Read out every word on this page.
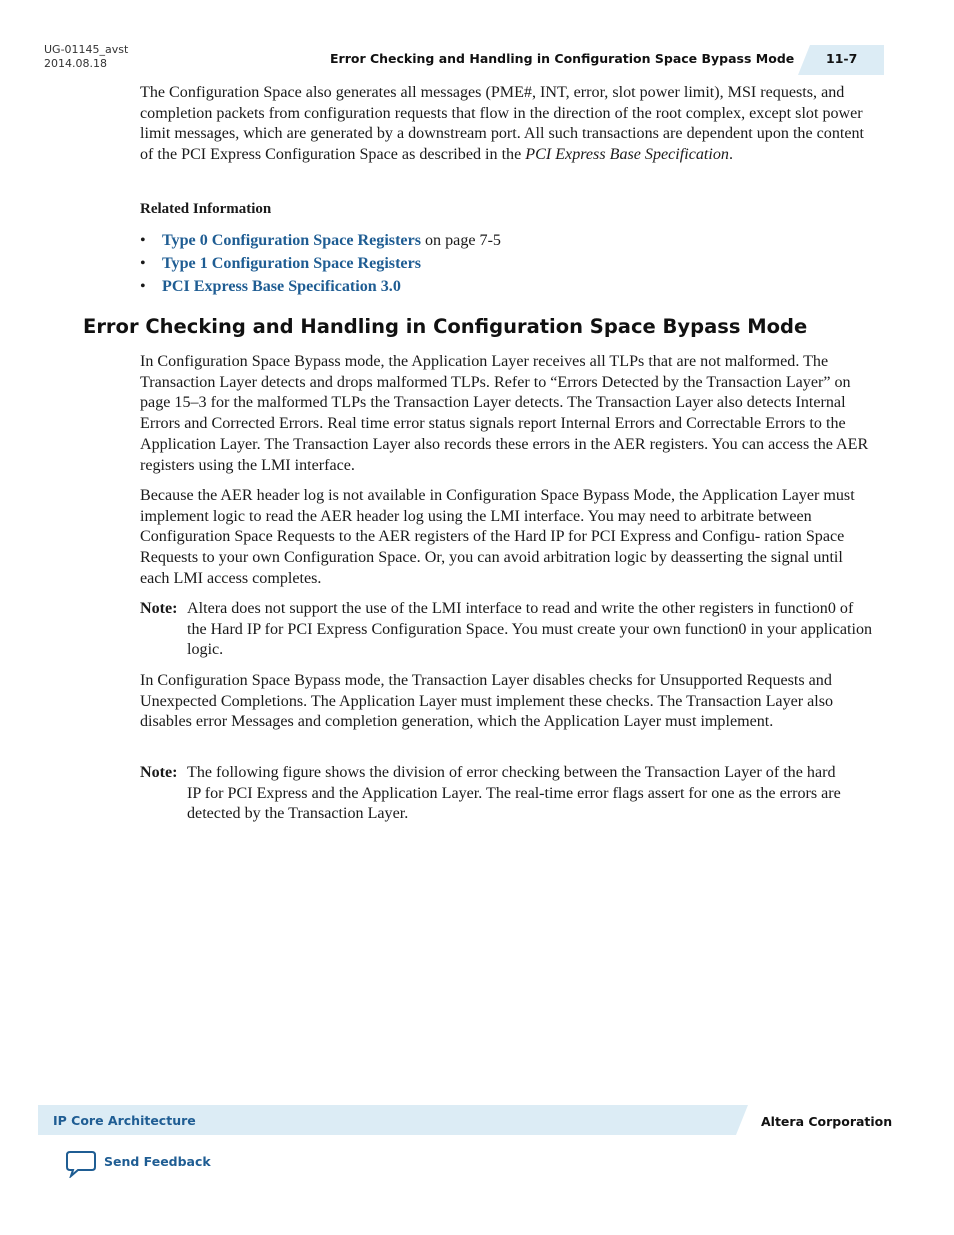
UG-01145_avst
2014.08.18	Error Checking and Handling in Configuration Space Bypass Mode	11-7

The Configuration Space also generates all messages (PME#, INT, error, slot power limit), MSI requests, and completion packets from configuration requests that flow in the direction of the root complex, except slot power limit messages, which are generated by a downstream port. All such transactions are dependent upon the content of the PCI Express Configuration Space as described in the PCI Express Base Specification.

Related Information
• Type 0 Configuration Space Registers on page 7-5
• Type 1 Configuration Space Registers
• PCI Express Base Specification 3.0
Error Checking and Handling in Configuration Space Bypass Mode
In Configuration Space Bypass mode, the Application Layer receives all TLPs that are not malformed. The Transaction Layer detects and drops malformed TLPs. Refer to “Errors Detected by the Transaction Layer” on page 15–3 for the malformed TLPs the Transaction Layer detects. The Transaction Layer also detects Internal Errors and Corrected Errors. Real time error status signals report Internal Errors and Correctable Errors to the Application Layer. The Transaction Layer also records these errors in the AER registers. You can access the AER registers using the LMI interface.
Because the AER header log is not available in Configuration Space Bypass Mode, the Application Layer must implement logic to read the AER header log using the LMI interface. You may need to arbitrate between Configuration Space Requests to the AER registers of the Hard IP for PCI Express and Configu- ration Space Requests to your own Configuration Space. Or, you can avoid arbitration logic by deasserting the signal until each LMI access completes.
Note: Altera does not support the use of the LMI interface to read and write the other registers in function0 of the Hard IP for PCI Express Configuration Space. You must create your own function0 in your application logic.
In Configuration Space Bypass mode, the Transaction Layer disables checks for Unsupported Requests and Unexpected Completions. The Application Layer must implement these checks. The Transaction Layer also disables error Messages and completion generation, which the Application Layer must implement.
Note: The following figure shows the division of error checking between the Transaction Layer of the hard IP for PCI Express and the Application Layer. The real-time error flags assert for one as the errors are detected by the Transaction Layer.
IP Core Architecture	Altera Corporation
Send Feedback
